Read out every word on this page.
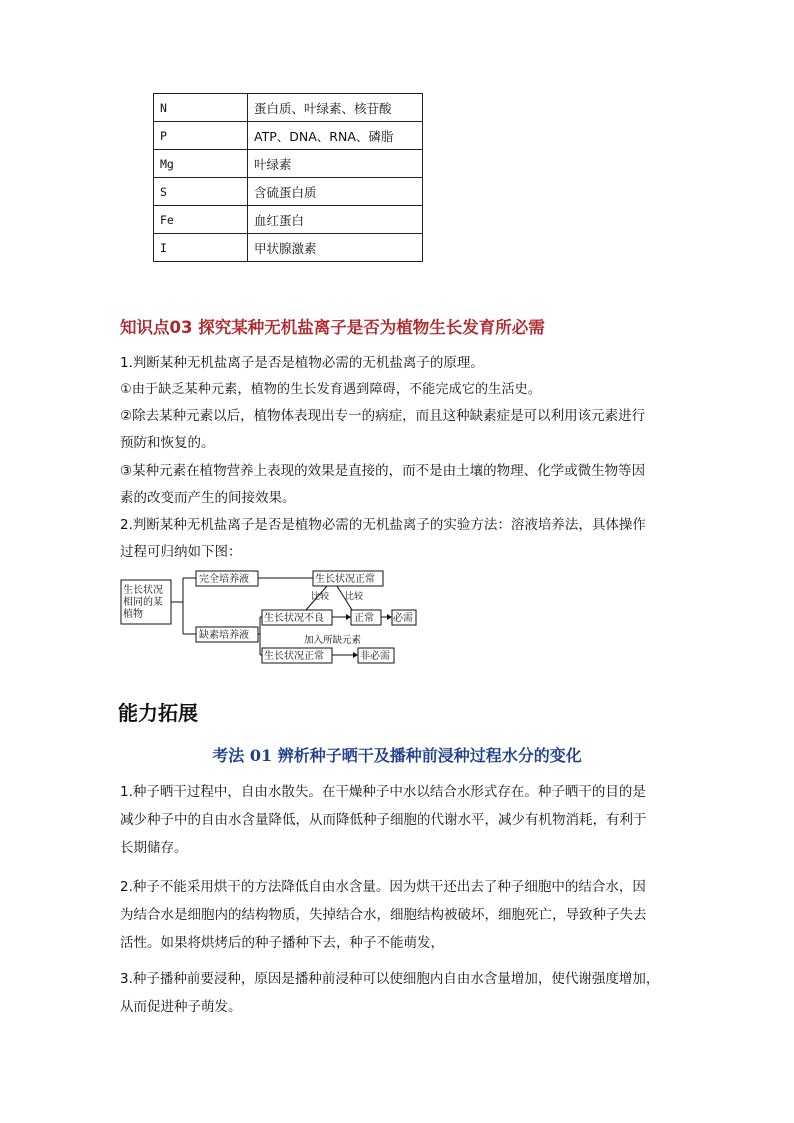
N	蛋白质、叶绿素、核苷酸
P	ATP、DNA、RNA、磷脂
Mg	叶绿素
S	含硫蛋白质
Fe	血红蛋白
I	甲状腺激素
知识点03 探究某种无机盐离子是否为植物生长发育所必需

1.判断某种无机盐离子是否是植物必需的无机盐离子的原理。

①由于缺乏某种元素，植物的生长发育遇到障碍，不能完成它的生活史。

②除去某种元素以后，植物体表现出专一的病症，而且这种缺素症是可以利用该元素进行

预防和恢复的。

③某种元素在植物营养上表现的效果是直接的，而不是由土壤的物理、化学或微生物等因

素的改变而产生的间接效果。

2.判断某种无机盐离子是否是植物必需的无机盐离子的实验方法：溶液培养法，具体操作

过程可归纳如下图：

生长状况
相同的某
植物
完全培养液	生长状况正常
缺素培养液
生长状况不良
比较 比较
正常 必需
加入所缺元素
生长状况正常	非必需
能力拓展
考法 01 辨析种子晒干及播种前浸种过程水分的变化

1.种子晒干过程中，自由水散失。在干燥种子中水以结合水形式存在。种子晒干的目的是

减少种子中的自由水含量降低，从而降低种子细胞的代谢水平，减少有机物消耗，有利于

长期储存。

2.种子不能采用烘干的方法降低自由水含量。因为烘干还出去了种子细胞中的结合水，因

为结合水是细胞内的结构物质，失掉结合水，细胞结构被破坏，细胞死亡，导致种子失去

活性。如果将烘烤后的种子播种下去，种子不能萌发，

3.种子播种前要浸种，原因是播种前浸种可以使细胞内自由水含量增加，使代谢强度增加，

从而促进种子萌发。
